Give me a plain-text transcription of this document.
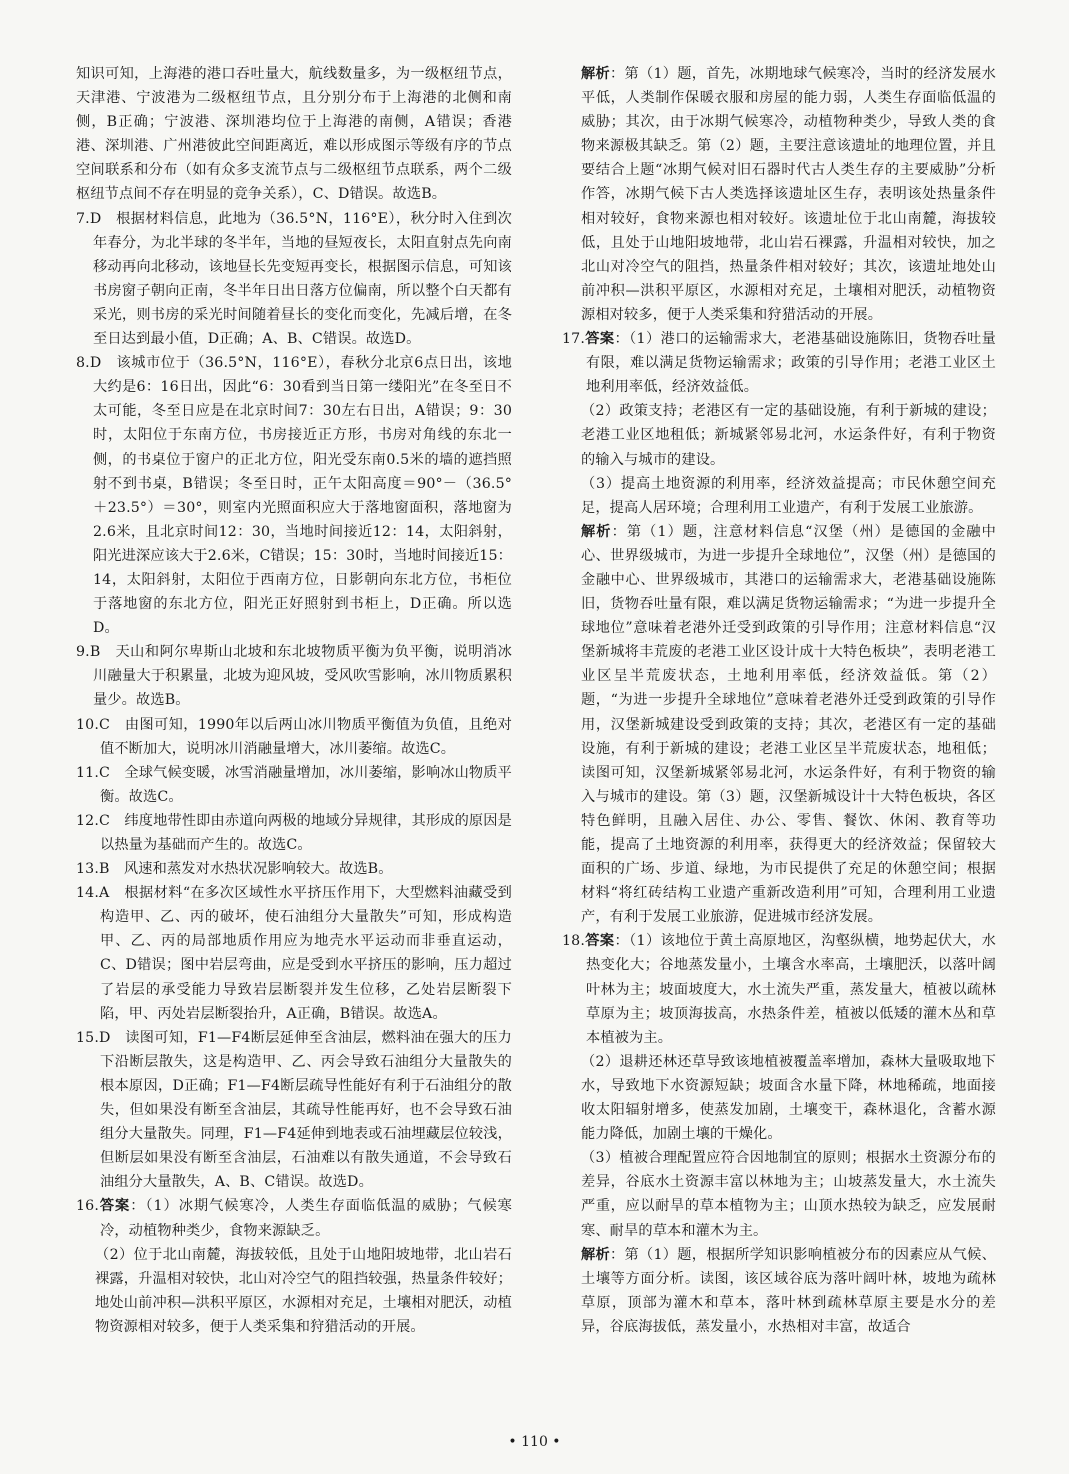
知识可知，上海港的港口吞吐量大，航线数量多，为一级枢纽节点，天津港、宁波港为二级枢纽节点，且分别分布于上海港的北侧和南侧，B正确；宁波港、深圳港均位于上海港的南侧，A错误；香港港、深圳港、广州港彼此空间距离近，难以形成图示等级有序的节点空间联系和分布（如有众多支流节点与二级枢纽节点联系，两个二级枢纽节点间不存在明显的竞争关系），C、D错误。故选B。

7.D　根据材料信息，此地为（36.5°N，116°E），秋分时入住到次年春分，为北半球的冬半年，当地的昼短夜长，太阳直射点先向南移动再向北移动，该地昼长先变短再变长，根据图示信息，可知该书房窗子朝向正南，冬半年日出日落方位偏南，所以整个白天都有采光，则书房的采光时间随着昼长的变化而变化，先减后增，在冬至日达到最小值，D正确；A、B、C错误。故选D。

8.D　该城市位于（36.5°N，116°E），春秋分北京6点日出，该地大约是6：16日出，因此“6：30看到当日第一缕阳光”在冬至日不太可能，冬至日应是在北京时间7：30左右日出，A错误；9：30时，太阳位于东南方位，书房接近正方形，书房对角线的东北一侧，的书桌位于窗户的正北方位，阳光受东南0.5米的墙的遮挡照射不到书桌，B错误；冬至日时，正午太阳高度＝90°－（36.5°＋23.5°）＝30°，则室内光照面积应大于落地窗面积，落地窗为2.6米，且北京时间12：30，当地时间接近12：14，太阳斜射，阳光进深应该大于2.6米，C错误；15：30时，当地时间接近15：14，太阳斜射，太阳位于西南方位，日影朝向东北方位，书柜位于落地窗的东北方位，阳光正好照射到书柜上，D正确。所以选D。

9.B　天山和阿尔卑斯山北坡和东北坡物质平衡为负平衡，说明消冰川融量大于积累量，北坡为迎风坡，受风吹雪影响，冰川物质累积量少。故选B。

10.C　由图可知，1990年以后两山冰川物质平衡值为负值，且绝对值不断加大，说明冰川消融量增大，冰川萎缩。故选C。

11.C　全球气候变暖，冰雪消融量增加，冰川萎缩，影响冰山物质平衡。故选C。

12.C　纬度地带性即由赤道向两极的地域分异规律，其形成的原因是以热量为基础而产生的。故选C。

13.B　风速和蒸发对水热状况影响较大。故选B。

14.A　根据材料“在多次区域性水平挤压作用下，大型燃料油藏受到构造甲、乙、丙的破坏，使石油组分大量散失”可知，形成构造甲、乙、丙的局部地质作用应为地壳水平运动而非垂直运动，C、D错误；图中岩层弯曲，应是受到水平挤压的影响，压力超过了岩层的承受能力导致岩层断裂并发生位移，乙处岩层断裂下陷，甲、丙处岩层断裂抬升，A正确，B错误。故选A。

15.D　读图可知，F1—F4断层延伸至含油层，燃料油在强大的压力下沿断层散失，这是构造甲、乙、丙会导致石油组分大量散失的根本原因，D正确；F1—F4断层疏导性能好有利于石油组分的散失，但如果没有断至含油层，其疏导性能再好，也不会导致石油组分大量散失。同理，F1—F4延伸到地表或石油埋藏层位较浅，但断层如果没有断至含油层，石油难以有散失通道，不会导致石油组分大量散失，A、B、C错误。故选D。

16.答案：（1）冰期气候寒冷，人类生存面临低温的威胁；气候寒冷，动植物种类少，食物来源缺乏。

（2）位于北山南麓，海拔较低，且处于山地阳坡地带，北山岩石裸露，升温相对较快，北山对冷空气的阻挡较强，热量条件较好；地处山前冲积—洪积平原区，水源相对充足，土壤相对肥沃，动植物资源相对较多，便于人类采集和狩猎活动的开展。

解析：第（1）题，首先，冰期地球气候寒冷，当时的经济发展水平低，人类制作保暖衣服和房屋的能力弱，人类生存面临低温的威胁；其次，由于冰期气候寒冷，动植物种类少，导致人类的食物来源极其缺乏。第（2）题，主要注意该遗址的地理位置，并且要结合上题“冰期气候对旧石器时代古人类生存的主要威胁”分析作答，冰期气候下古人类选择该遗址区生存，表明该处热量条件相对较好，食物来源也相对较好。该遗址位于北山南麓，海拔较低，且处于山地阳坡地带，北山岩石裸露，升温相对较快，加之北山对冷空气的阻挡，热量条件相对较好；其次，该遗址地处山前冲积—洪积平原区，水源相对充足，土壤相对肥沃，动植物资源相对较多，便于人类采集和狩猎活动的开展。

17.答案：（1）港口的运输需求大，老港基础设施陈旧，货物吞吐量有限，难以满足货物运输需求；政策的引导作用；老港工业区土地利用率低，经济效益低。

（2）政策支持；老港区有一定的基础设施，有利于新城的建设；老港工业区地租低；新城紧邻易北河，水运条件好，有利于物资的输入与城市的建设。

（3）提高土地资源的利用率，经济效益提高；市民休憩空间充足，提高人居环境；合理利用工业遗产，有利于发展工业旅游。

解析：第（1）题，注意材料信息“汉堡（州）是德国的金融中心、世界级城市，为进一步提升全球地位”，汉堡（州）是德国的金融中心、世界级城市，其港口的运输需求大，老港基础设施陈旧，货物吞吐量有限，难以满足货物运输需求；“为进一步提升全球地位”意味着老港外迁受到政策的引导作用；注意材料信息“汉堡新城将丰荒废的老港工业区设计成十大特色板块”，表明老港工业区呈半荒废状态，土地利用率低，经济效益低。第（2）题，“为进一步提升全球地位”意味着老港外迁受到政策的引导作用，汉堡新城建设受到政策的支持；其次，老港区有一定的基础设施，有利于新城的建设；老港工业区呈半荒废状态，地租低；读图可知，汉堡新城紧邻易北河，水运条件好，有利于物资的输入与城市的建设。第（3）题，汉堡新城设计十大特色板块，各区特色鲜明，且融入居住、办公、零售、餐饮、休闲、教育等功能，提高了土地资源的利用率，获得更大的经济效益；保留较大面积的广场、步道、绿地，为市民提供了充足的休憩空间；根据材料“将红砖结构工业遗产重新改造利用”可知，合理利用工业遗产，有利于发展工业旅游，促进城市经济发展。

18.答案：（1）该地位于黄土高原地区，沟壑纵横，地势起伏大，水热变化大；谷地蒸发量小，土壤含水率高，土壤肥沃，以落叶阔叶林为主；坡面坡度大，水土流失严重，蒸发量大，植被以疏林草原为主；坡顶海拔高，水热条件差，植被以低矮的灌木丛和草本植被为主。

（2）退耕还林还草导致该地植被覆盖率增加，森林大量吸取地下水，导致地下水资源短缺；坡面含水量下降，林地稀疏，地面接收太阳辐射增多，使蒸发加剧，土壤变干，森林退化，含蓄水源能力降低，加剧土壤的干燥化。

（3）植被合理配置应符合因地制宜的原则；根据水土资源分布的差异，谷底水土资源丰富以林地为主；山坡蒸发量大，水土流失严重，应以耐旱的草本植物为主；山顶水热较为缺乏，应发展耐寒、耐旱的草本和灌木为主。

解析：第（1）题，根据所学知识影响植被分布的因素应从气候、土壤等方面分析。读图，该区域谷底为落叶阔叶林，坡地为疏林草原，顶部为灌木和草本，落叶林到疏林草原主要是水分的差异，谷底海拔低，蒸发量小，水热相对丰富，故适合

• 110 •
